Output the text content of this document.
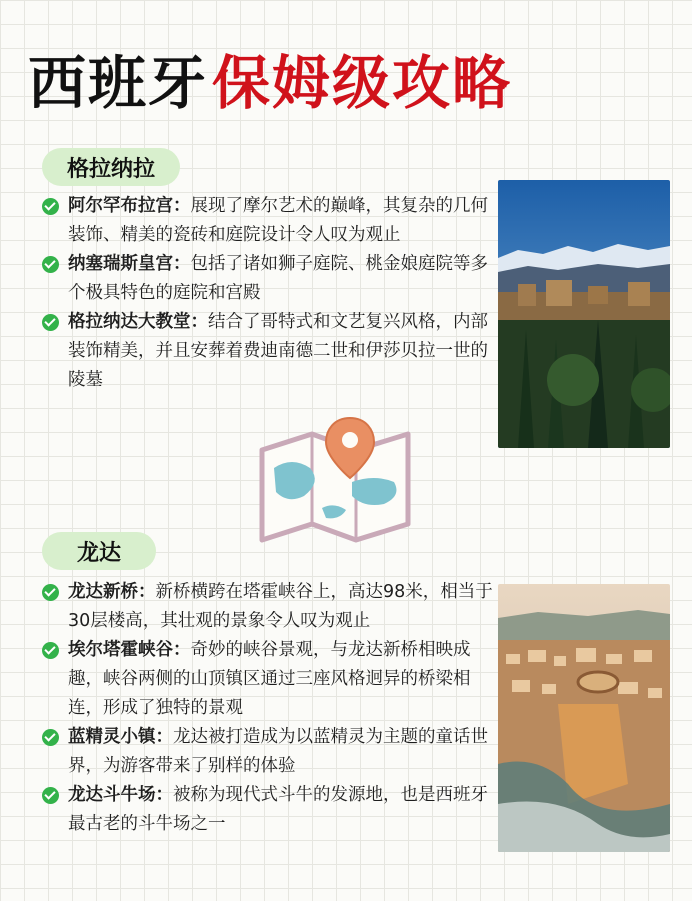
西班牙 保姆级攻略
格拉纳拉
阿尔罕布拉宫：展现了摩尔艺术的巅峰，其复杂的几何装饰、精美的瓷砖和庭院设计令人叹为观止
纳塞瑞斯皇宫：包括了诸如狮子庭院、桃金娘庭院等多个极具特色的庭院和宫殿
格拉纳达大教堂：结合了哥特式和文艺复兴风格，内部装饰精美，并且安葬着费迪南德二世和伊莎贝拉一世的陵墓
龙达
龙达新桥：新桥横跨在塔霍峡谷上，高达98米，相当于30层楼高，其壮观的景象令人叹为观止
埃尔塔霍峡谷：奇妙的峡谷景观，与龙达新桥相映成趣，峡谷两侧的山顶镇区通过三座风格迥异的桥梁相连，形成了独特的景观
蓝精灵小镇：龙达被打造成为以蓝精灵为主题的童话世界，为游客带来了别样的体验
龙达斗牛场：被称为现代式斗牛的发源地，也是西班牙最古老的斗牛场之一
